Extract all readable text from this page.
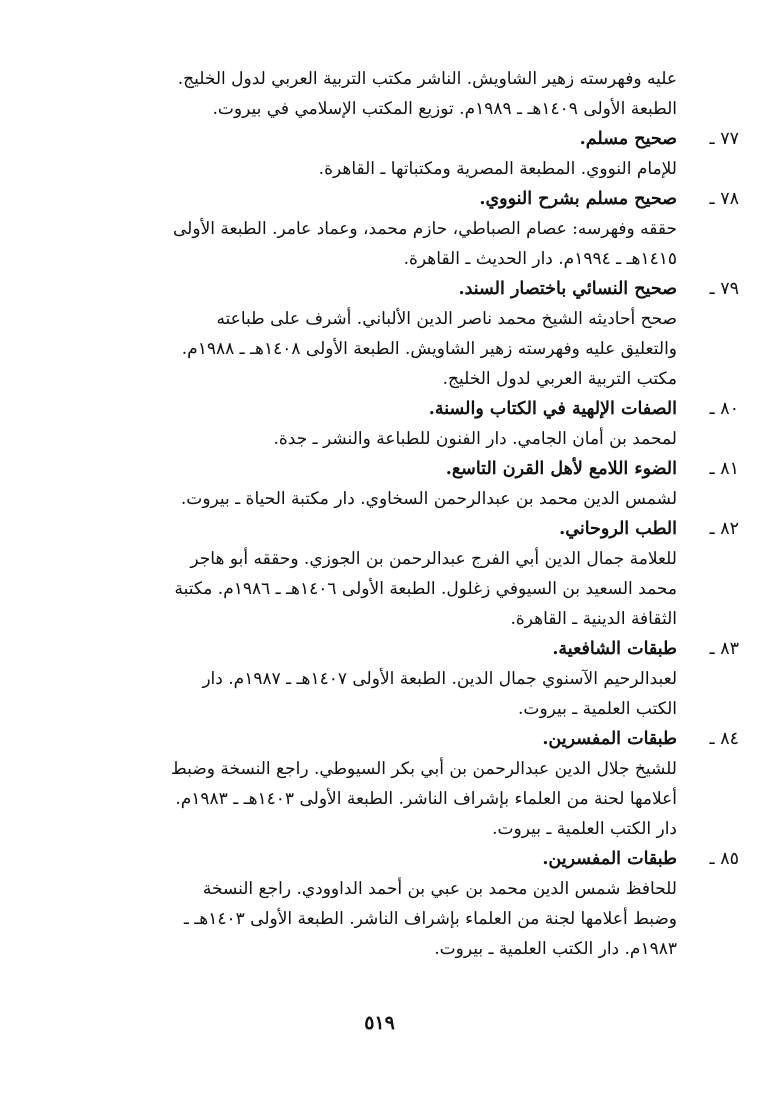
عليه وفهرسته زهير الشاويش. الناشر مكتب التربية العربي لدول الخليج.
الطبعة الأولى ١٤٠٩هـ ـ ١٩٨٩م. توزيع المكتب الإسلامي في بيروت.
٧٧ ـ
صحيح مسلم.
للإمام النووي. المطبعة المصرية ومكتباتها ـ القاهرة.
٧٨ ـ
صحيح مسلم بشرح النووي.
حققه وفهرسه: عصام الصباطي، حازم محمد، وعماد عامر. الطبعة الأولى
١٤١٥هـ ـ ١٩٩٤م. دار الحديث ـ القاهرة.
٧٩ ـ
صحيح النسائي باختصار السند.
صحح أحاديثه الشيخ محمد ناصر الدين الألباني. أشرف على طباعته
والتعليق عليه وفهرسته زهير الشاويش. الطبعة الأولى ١٤٠٨هـ ـ ١٩٨٨م.
مكتب التربية العربي لدول الخليج.
٨٠ ـ
الصفات الإلهية في الكتاب والسنة.
لمحمد بن أمان الجامي. دار الفنون للطباعة والنشر ـ جدة.
٨١ ـ
الضوء اللامع لأهل القرن التاسع.
لشمس الدين محمد بن عبدالرحمن السخاوي. دار مكتبة الحياة ـ بيروت.
٨٢ ـ
الطب الروحاني.
للعلامة جمال الدين أبي الفرج عبدالرحمن بن الجوزي. وحققه أبو هاجر
محمد السعيد بن السيوفي زغلول. الطبعة الأولى ١٤٠٦هـ ـ ١٩٨٦م. مكتبة
الثقافة الدينية ـ القاهرة.
٨٣ ـ
طبقات الشافعية.
لعبدالرحيم الآسنوي جمال الدين. الطبعة الأولى ١٤٠٧هـ ـ ١٩٨٧م. دار
الكتب العلمية ـ بيروت.
٨٤ ـ
طبقات المفسرين.
للشيخ جلال الدين عبدالرحمن بن أبي بكر السيوطي. راجع النسخة وضبط
أعلامها لحنة من العلماء بإشراف الناشر. الطبعة الأولى ١٤٠٣هـ ـ ١٩٨٣م.
دار الكتب العلمية ـ بيروت.
٨٥ ـ
طبقات المفسرين.
للحافظ شمس الدين محمد بن عبي بن أحمد الداوودي. راجع النسخة
وضبط أعلامها لجنة من العلماء بإشراف الناشر. الطبعة الأولى ١٤٠٣هـ ـ
١٩٨٣م. دار الكتب العلمية ـ بيروت.
٥١٩
